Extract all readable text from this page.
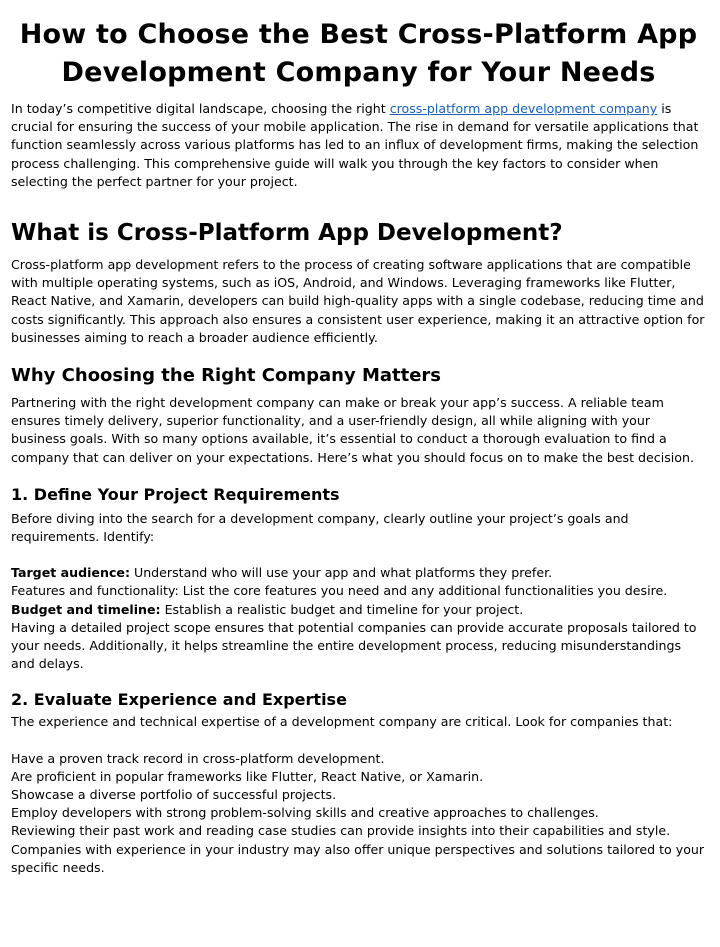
How to Choose the Best Cross-Platform App Development Company for Your Needs

In today’s competitive digital landscape, choosing the right cross-platform app development company is crucial for ensuring the success of your mobile application. The rise in demand for versatile applications that function seamlessly across various platforms has led to an influx of development firms, making the selection process challenging. This comprehensive guide will walk you through the key factors to consider when selecting the perfect partner for your project.

What is Cross-Platform App Development?

Cross-platform app development refers to the process of creating software applications that are compatible with multiple operating systems, such as iOS, Android, and Windows. Leveraging frameworks like Flutter, React Native, and Xamarin, developers can build high-quality apps with a single codebase, reducing time and costs significantly. This approach also ensures a consistent user experience, making it an attractive option for businesses aiming to reach a broader audience efficiently.

Why Choosing the Right Company Matters

Partnering with the right development company can make or break your app’s success. A reliable team ensures timely delivery, superior functionality, and a user-friendly design, all while aligning with your business goals. With so many options available, it’s essential to conduct a thorough evaluation to find a company that can deliver on your expectations. Here’s what you should focus on to make the best decision.

1. Define Your Project Requirements

Before diving into the search for a development company, clearly outline your project’s goals and requirements. Identify:

Target audience: Understand who will use your app and what platforms they prefer.
Features and functionality: List the core features you need and any additional functionalities you desire.
Budget and timeline: Establish a realistic budget and timeline for your project.

Having a detailed project scope ensures that potential companies can provide accurate proposals tailored to your needs. Additionally, it helps streamline the entire development process, reducing misunderstandings and delays.

2. Evaluate Experience and Expertise

The experience and technical expertise of a development company are critical. Look for companies that:

Have a proven track record in cross-platform development.
Are proficient in popular frameworks like Flutter, React Native, or Xamarin.
Showcase a diverse portfolio of successful projects.
Employ developers with strong problem-solving skills and creative approaches to challenges.

Reviewing their past work and reading case studies can provide insights into their capabilities and style. Companies with experience in your industry may also offer unique perspectives and solutions tailored to your specific needs.
